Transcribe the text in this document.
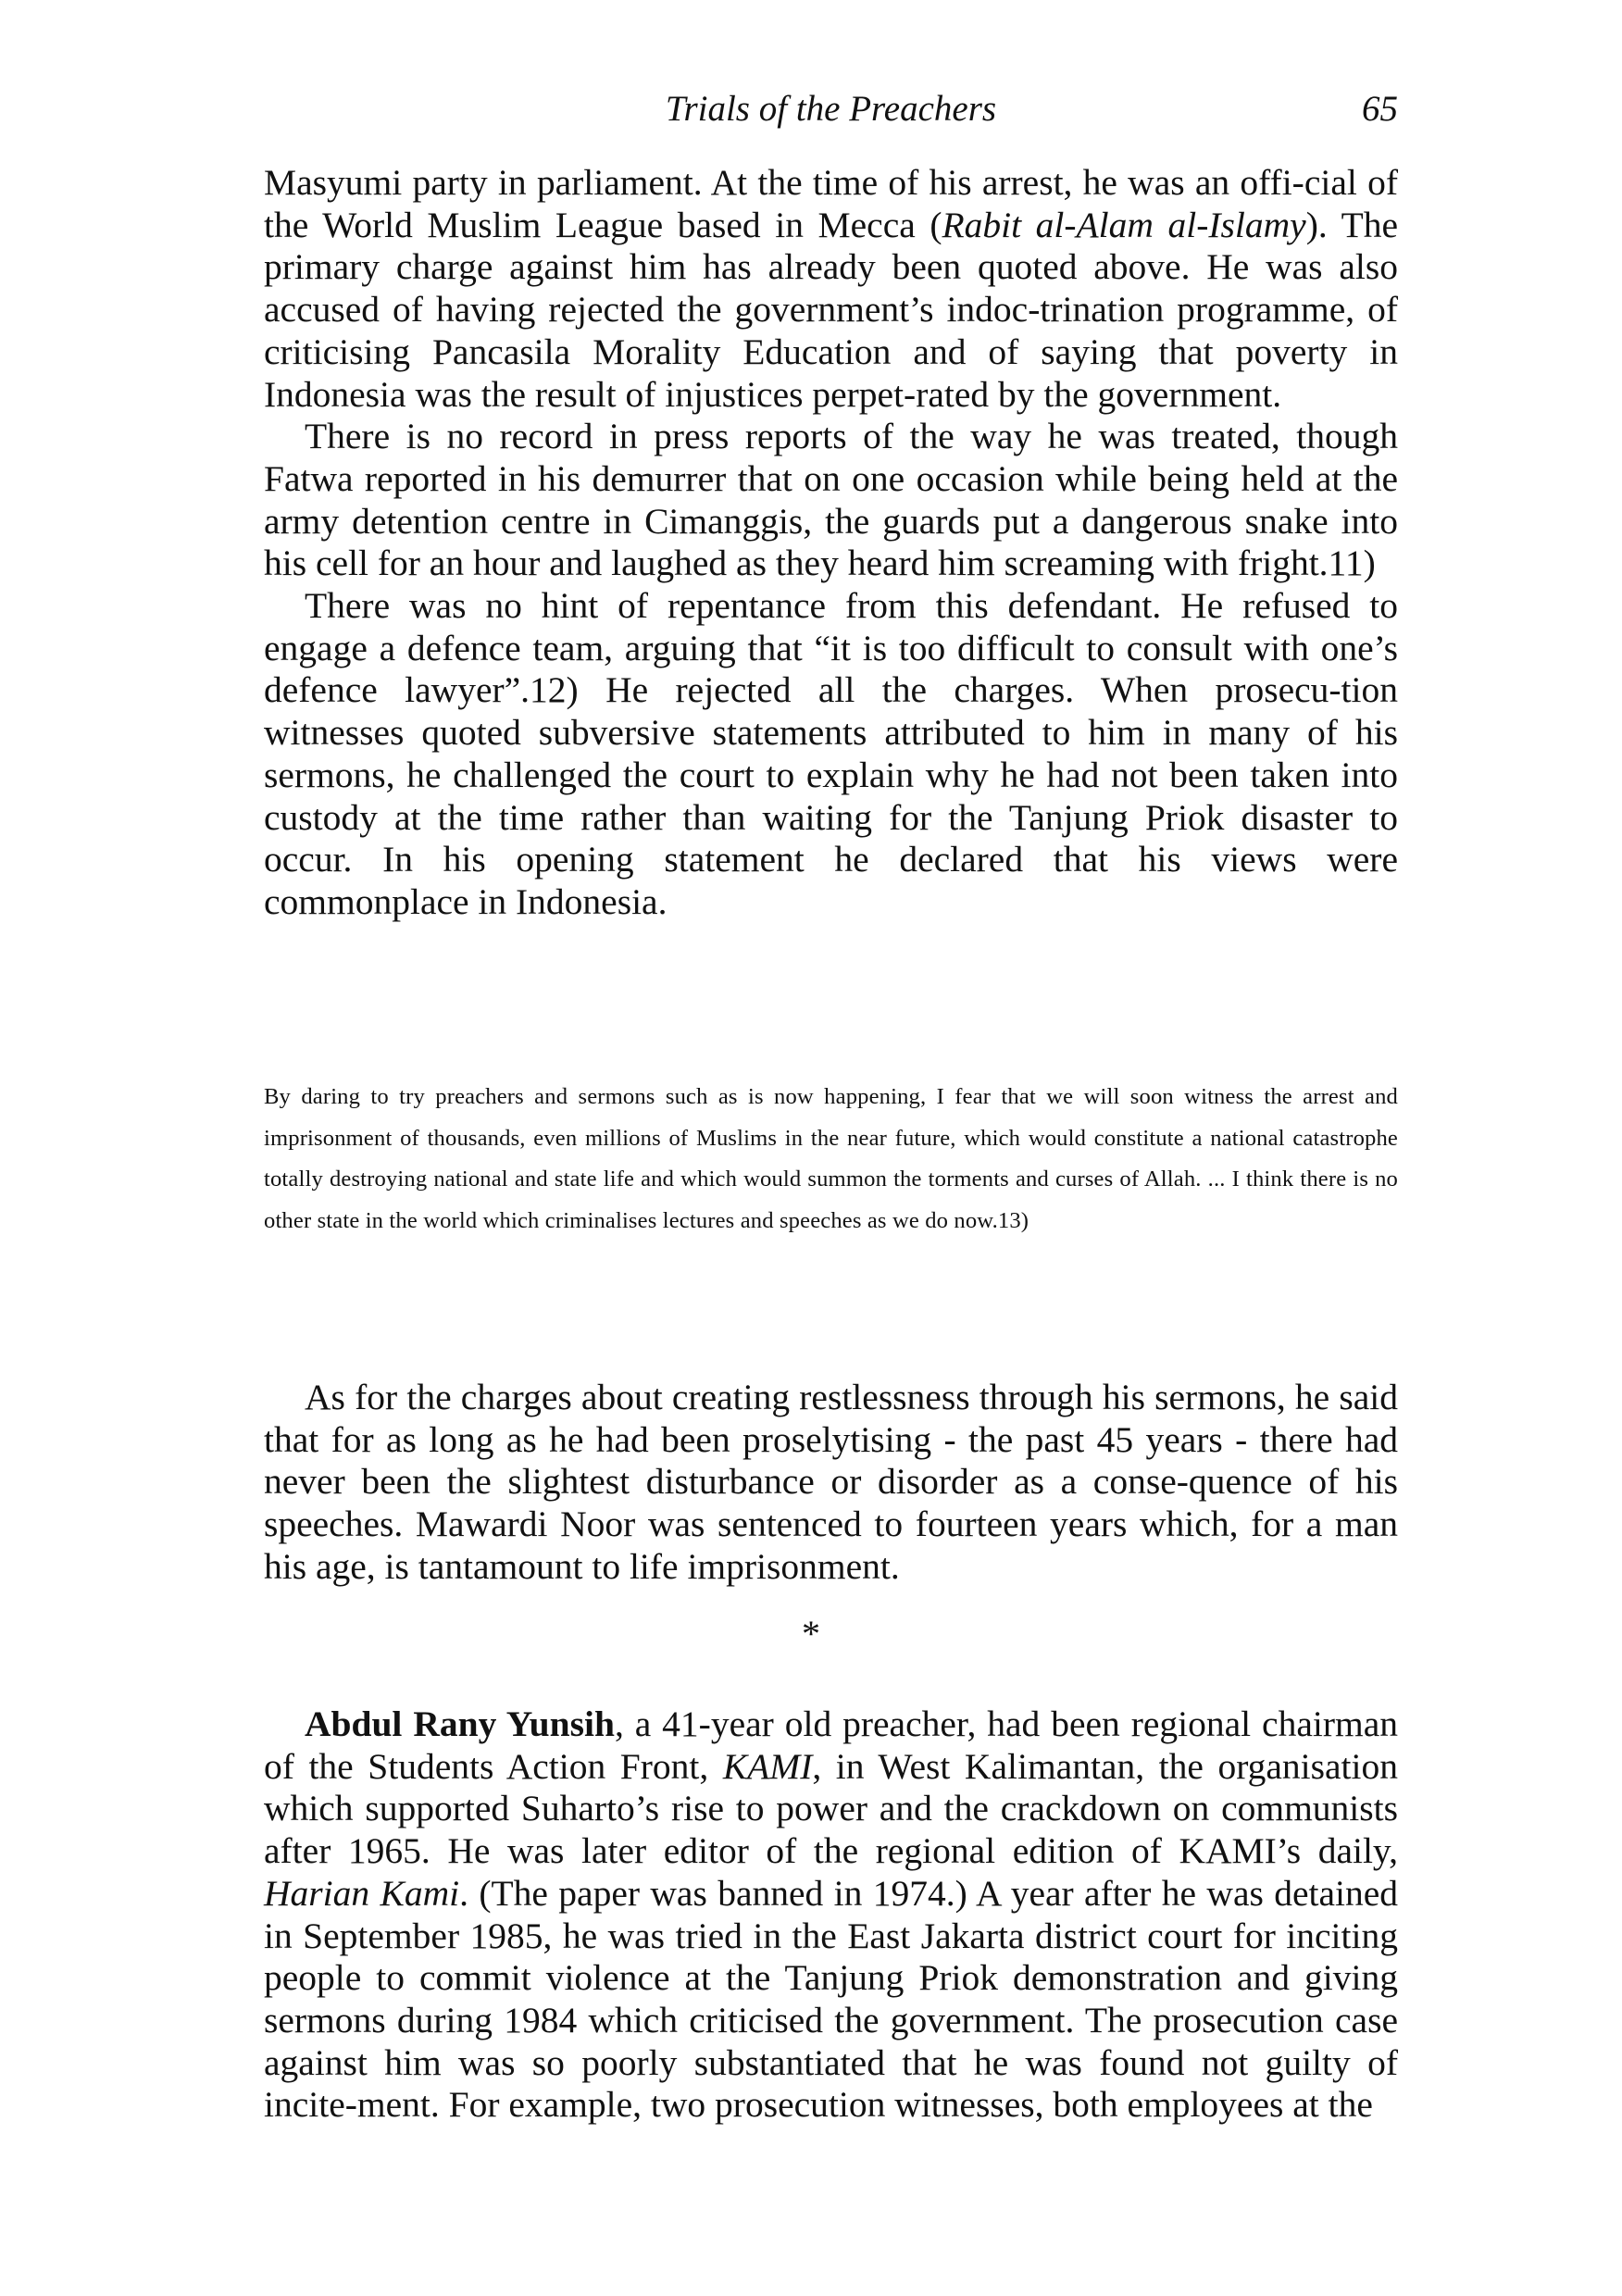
Trials of the Preachers	65

Masyumi party in parliament. At the time of his arrest, he was an offi-cial of the World Muslim League based in Mecca (Rabit al-Alam al-Islamy). The primary charge against him has already been quoted above. He was also accused of having rejected the government’s indoc-trination programme, of criticising Pancasila Morality Education and of saying that poverty in Indonesia was the result of injustices perpet-rated by the government.

There is no record in press reports of the way he was treated, though Fatwa reported in his demurrer that on one occasion while being held at the army detention centre in Cimanggis, the guards put a dangerous snake into his cell for an hour and laughed as they heard him screaming with fright.11)

There was no hint of repentance from this defendant. He refused to engage a defence team, arguing that “it is too difficult to consult with one’s defence lawyer”.12) He rejected all the charges. When prosecu-tion witnesses quoted subversive statements attributed to him in many of his sermons, he challenged the court to explain why he had not been taken into custody at the time rather than waiting for the Tanjung Priok disaster to occur. In his opening statement he declared that his views were commonplace in Indonesia.

By daring to try preachers and sermons such as is now happening, I fear that we will soon witness the arrest and imprisonment of thousands, even millions of Muslims in the near future, which would constitute a national catastrophe totally destroying national and state life and which would summon the torments and curses of Allah. ... I think there is no other state in the world which criminalises lectures and speeches as we do now.13)

As for the charges about creating restlessness through his sermons, he said that for as long as he had been proselytising - the past 45 years - there had never been the slightest disturbance or disorder as a conse-quence of his speeches. Mawardi Noor was sentenced to fourteen years which, for a man his age, is tantamount to life imprisonment.

*

Abdul Rany Yunsih, a 41-year old preacher, had been regional chairman of the Students Action Front, KAMI, in West Kalimantan, the organisation which supported Suharto’s rise to power and the crackdown on communists after 1965. He was later editor of the regional edition of KAMI’s daily, Harian Kami. (The paper was banned in 1974.) A year after he was detained in September 1985, he was tried in the East Jakarta district court for inciting people to commit violence at the Tanjung Priok demonstration and giving sermons during 1984 which criticised the government. The prosecution case against him was so poorly substantiated that he was found not guilty of incite-ment. For example, two prosecution witnesses, both employees at the
